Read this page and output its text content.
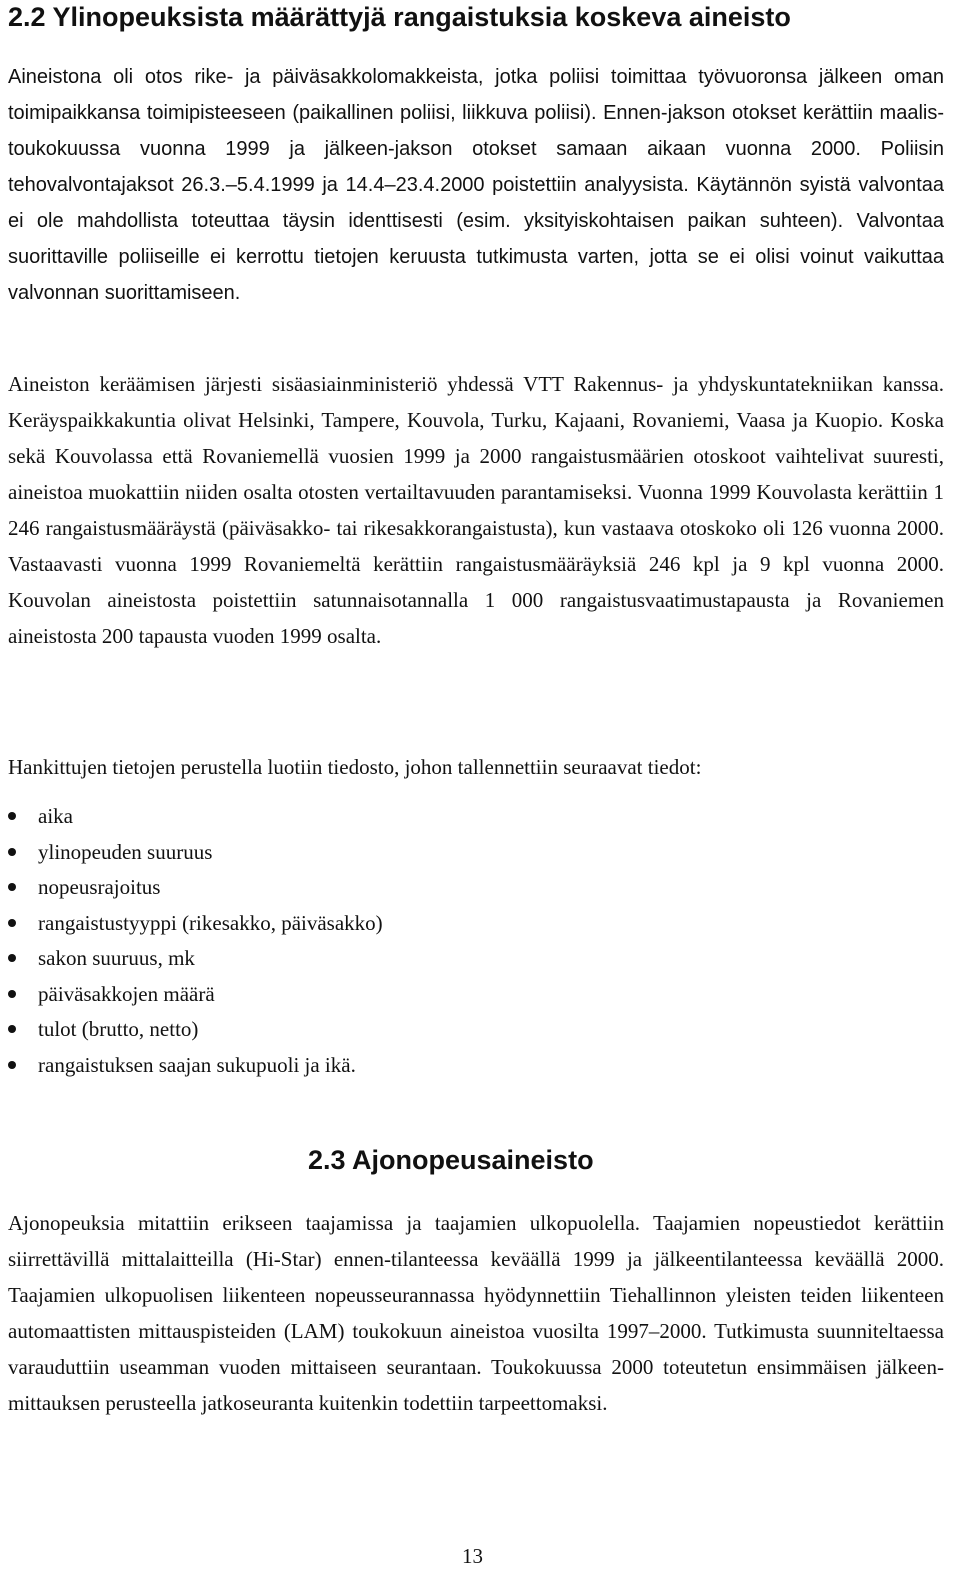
2.2 Ylinopeuksista määrättyjä rangaistuksia koskeva aineisto

Aineistona oli otos rike- ja päiväsakkolomakkeista, jotka poliisi toimittaa työvuoronsa jälkeen oman toimipaikkansa toimipisteeseen (paikallinen poliisi, liikkuva poliisi). Ennen-jakson otokset kerättiin maalis-toukokuussa vuonna 1999 ja jälkeen-jakson otokset samaan aikaan vuonna 2000. Poliisin tehovalvontajaksot 26.3.–5.4.1999 ja 14.4–23.4.2000 poistettiin analyysista. Käytännön syistä valvontaa ei ole mahdollista toteuttaa täysin identtisesti (esim. yksityiskohtaisen paikan suhteen). Valvontaa suorittaville poliiseille ei kerrottu tietojen keruusta tutkimusta varten, jotta se ei olisi voinut vaikuttaa valvonnan suorittamiseen.

Aineiston keräämisen järjesti sisäasiainministeriö yhdessä VTT Rakennus- ja yhdyskuntatekniikan kanssa. Keräyspaikkakuntia olivat Helsinki, Tampere, Kouvola, Turku, Kajaani, Rovaniemi, Vaasa ja Kuopio. Koska sekä Kouvolassa että Rovaniemellä vuosien 1999 ja 2000 rangaistusmäärien otoskoot vaihtelivat suuresti, aineistoa muokattiin niiden osalta otosten vertailtavuuden parantamiseksi. Vuonna 1999 Kouvolasta kerättiin 1 246 rangaistusmääräystä (päiväsakko- tai rikesakkorangaistusta), kun vastaava otoskoko oli 126 vuonna 2000. Vastaavasti vuonna 1999 Rovaniemeltä kerättiin rangaistusmääräyksiä 246 kpl ja 9 kpl vuonna 2000. Kouvolan aineistosta poistettiin satunnaisotannalla 1 000 rangaistusvaatimustapausta ja Rovaniemen aineistosta 200 tapausta vuoden 1999 osalta.

Hankittujen tietojen perustella luotiin tiedosto, johon tallennettiin seuraavat tiedot:

aika
ylinopeuden suuruus
nopeusrajoitus
rangaistustyyppi (rikesakko, päiväsakko)
sakon suuruus, mk
päiväsakkojen määrä
tulot (brutto, netto)
rangaistuksen saajan sukupuoli ja ikä.
2.3 Ajonopeusaineisto

Ajonopeuksia mitattiin erikseen taajamissa ja taajamien ulkopuolella. Taajamien nopeustiedot kerättiin siirrettävillä mittalaitteilla (Hi-Star) ennen-tilanteessa keväällä 1999 ja jälkeentilanteessa keväällä 2000. Taajamien ulkopuolisen liikenteen nopeusseurannassa hyödynnettiin Tiehallinnon yleisten teiden liikenteen automaattisten mittauspisteiden (LAM) toukokuun aineistoa vuosilta 1997–2000. Tutkimusta suunniteltaessa varauduttiin useamman vuoden mittaiseen seurantaan. Toukokuussa 2000 toteutetun ensimmäisen jälkeen-mittauksen perusteella jatkoseuranta kuitenkin todettiin tarpeettomaksi.

13
